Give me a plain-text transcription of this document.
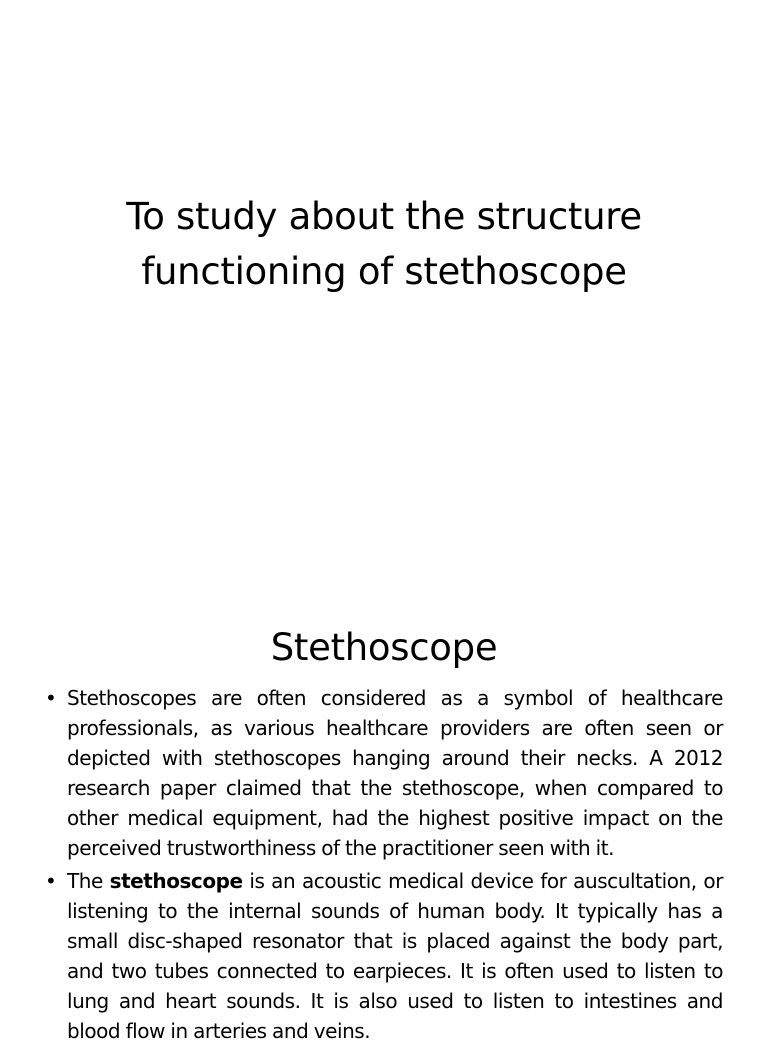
To study about the structure
functioning of stethoscope
Stethoscope
• Stethoscopes are often considered as a symbol of healthcare professionals, as various healthcare providers are often seen or depicted with stethoscopes hanging around their necks. A 2012 research paper claimed that the stethoscope, when compared to other medical equipment, had the highest positive impact on the perceived trustworthiness of the practitioner seen with it.
• The stethoscope is an acoustic medical device for auscultation, or listening to the internal sounds of human body. It typically has a small disc-shaped resonator that is placed against the body part, and two tubes connected to earpieces. It is often used to listen to lung and heart sounds. It is also used to listen to intestines and blood flow in arteries and veins.
